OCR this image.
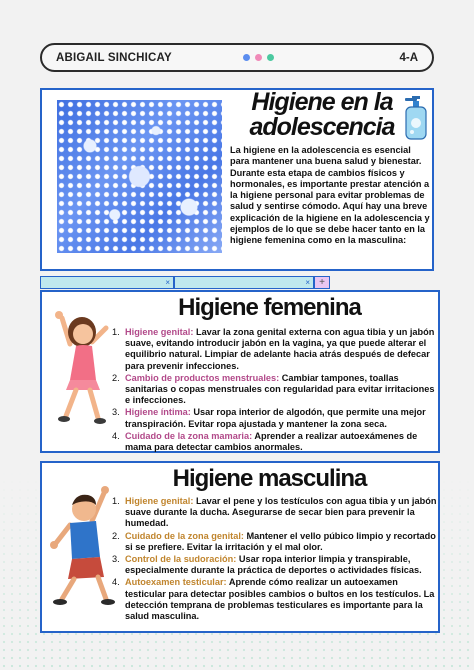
ABIGAIL SINCHICAY	4-A
Higiene en la adolescencia
La higiene en la adolescencia es esencial para mantener una buena salud y bienestar. Durante esta etapa de cambios físicos y hormonales, es importante prestar atención a la higiene personal para evitar problemas de salud y sentirse cómodo. Aquí hay una breve explicación de la higiene en la adolescencia y ejemplos de lo que se debe hacer tanto en la higiene femenina como en la masculina:
×	× +
Higiene femenina
1. Higiene genital: Lavar la zona genital externa con agua tibia y un jabón suave, evitando introducir jabón en la vagina, ya que puede alterar el equilibrio natural. Limpiar de adelante hacia atrás después de defecar para prevenir infecciones.
2. Cambio de productos menstruales: Cambiar tampones, toallas sanitarias o copas menstruales con regularidad para evitar irritaciones e infecciones.
3. Higiene íntima: Usar ropa interior de algodón, que permite una mejor transpiración. Evitar ropa ajustada y mantener la zona seca.
4. Cuidado de la zona mamaria: Aprender a realizar autoexámenes de mama para detectar cambios anormales.
Higiene masculina
1. Higiene genital: Lavar el pene y los testículos con agua tibia y un jabón suave durante la ducha. Asegurarse de secar bien para prevenir la humedad.
2. Cuidado de la zona genital: Mantener el vello púbico limpio y recortado si se prefiere. Evitar la irritación y el mal olor.
3. Control de la sudoración: Usar ropa interior limpia y transpirable, especialmente durante la práctica de deportes o actividades físicas.
4. Autoexamen testicular: Aprende cómo realizar un autoexamen testicular para detectar posibles cambios o bultos en los testículos. La detección temprana de problemas testiculares es importante para la salud masculina.
